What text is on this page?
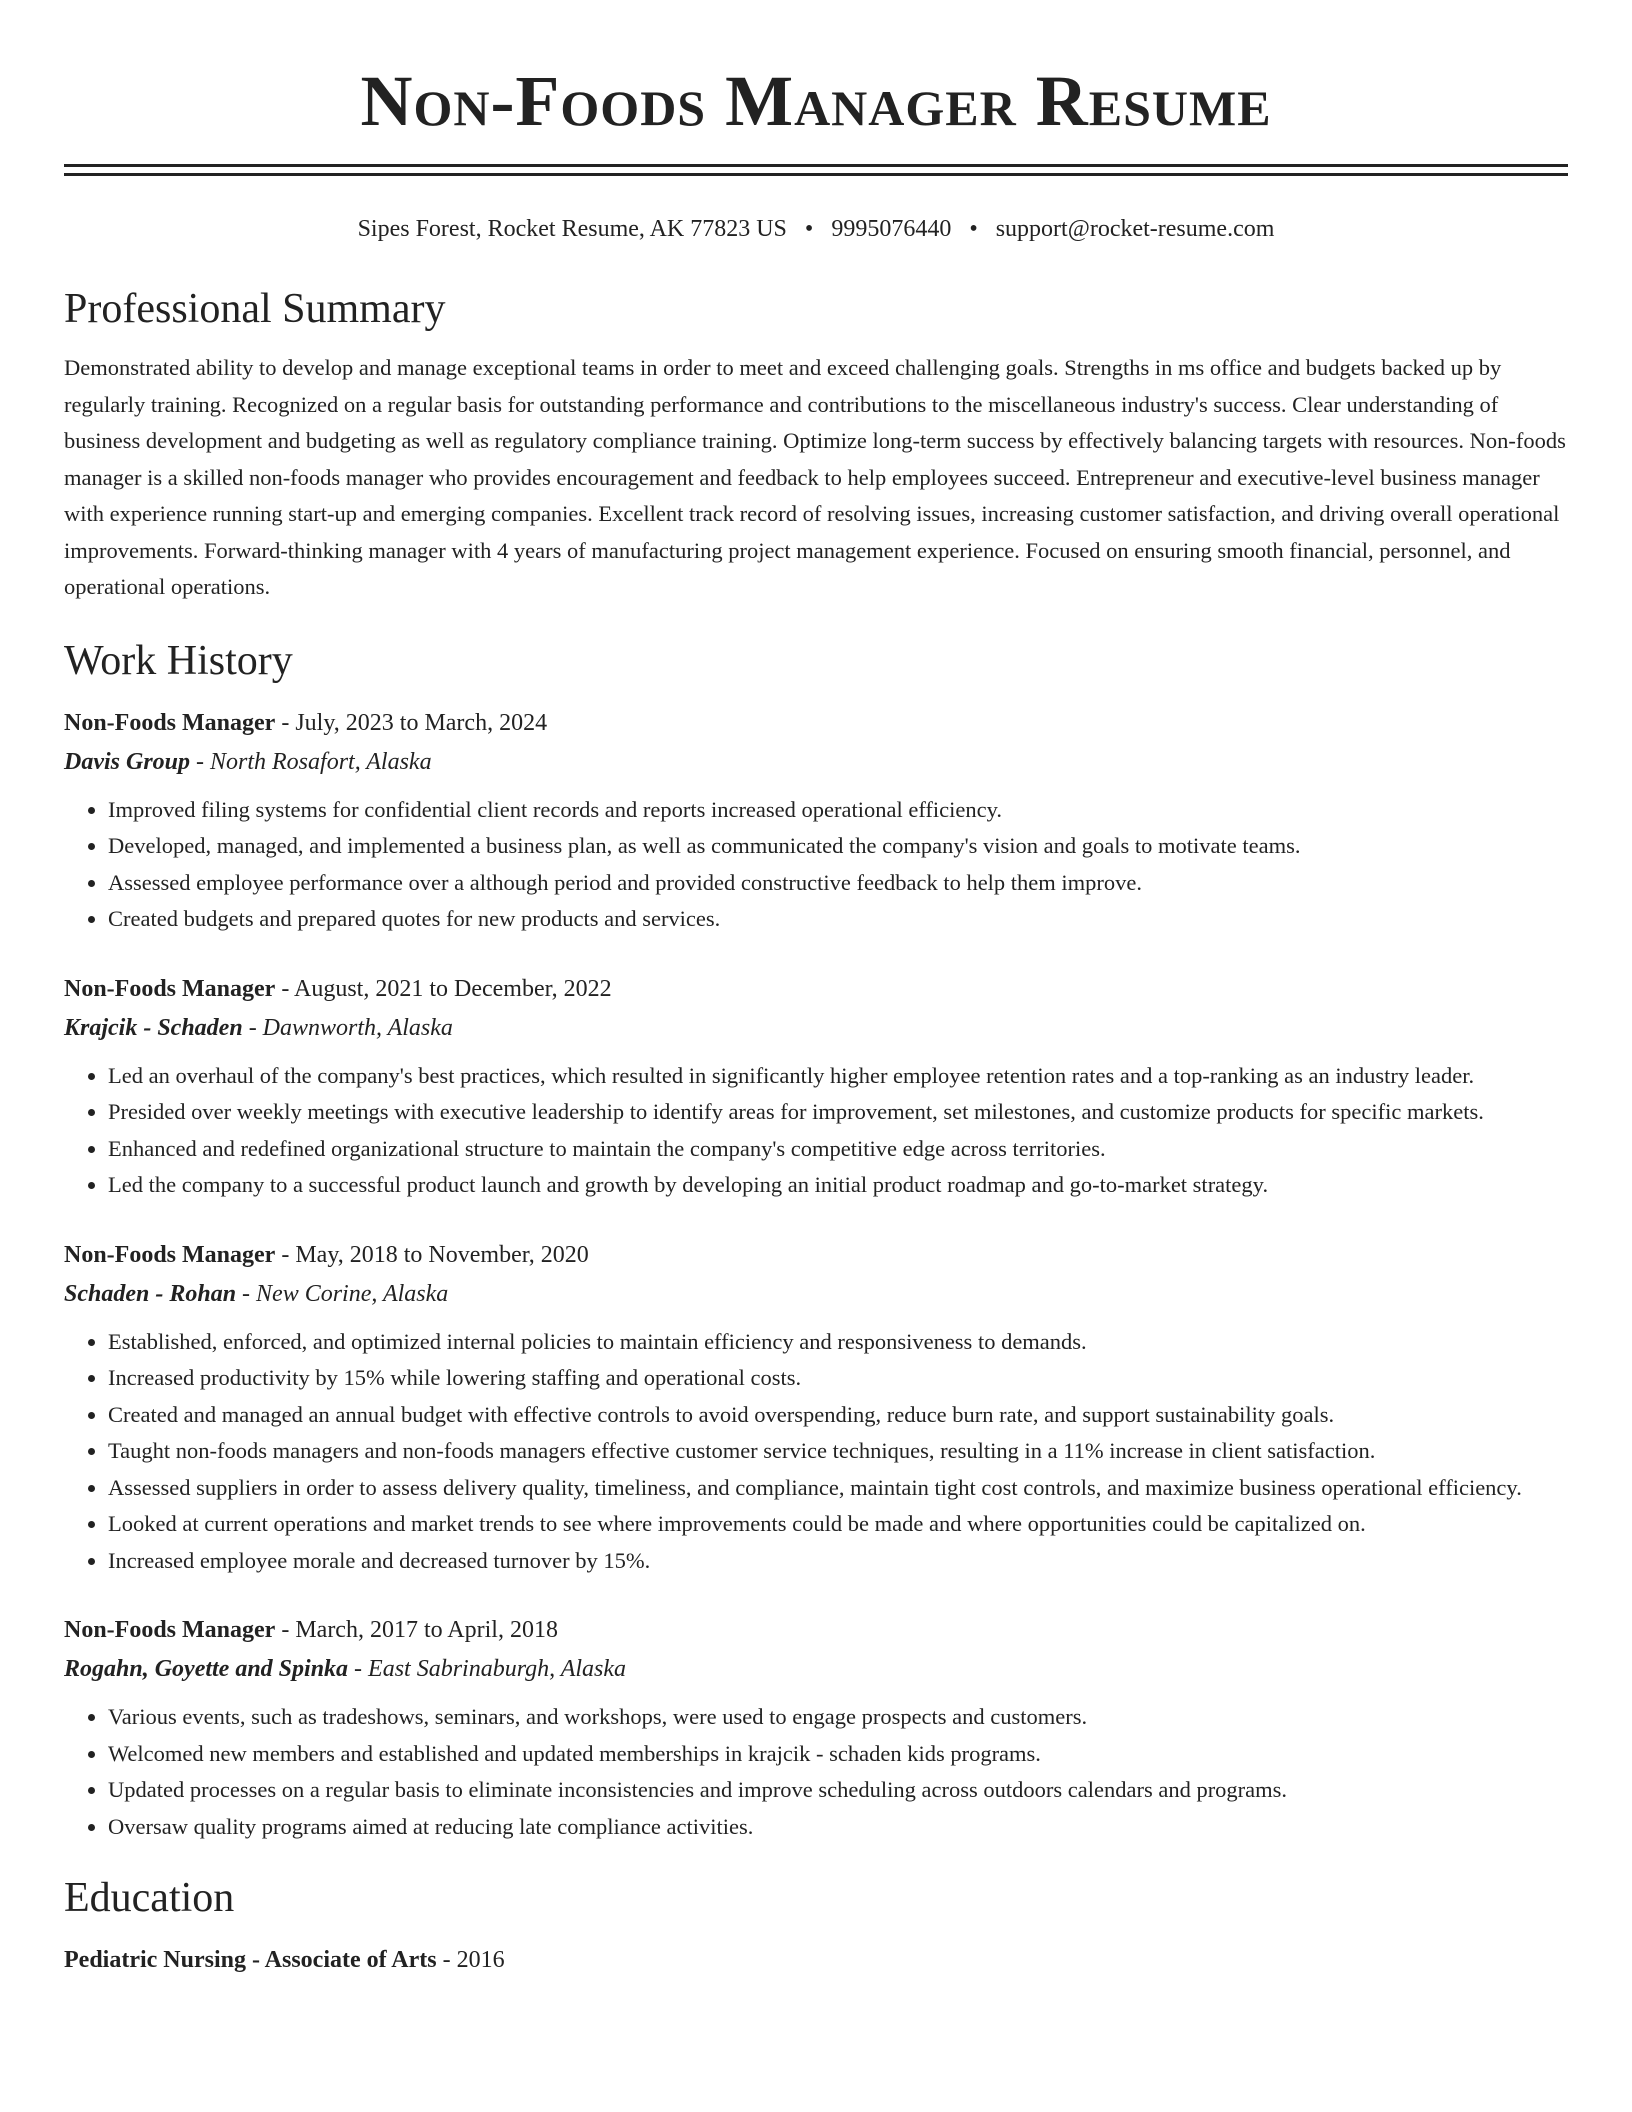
Non-Foods Manager Resume
Sipes Forest, Rocket Resume, AK 77823 US • 9995076440 • support@rocket-resume.com
Professional Summary

Demonstrated ability to develop and manage exceptional teams in order to meet and exceed challenging goals. Strengths in ms office and budgets backed up by regularly training. Recognized on a regular basis for outstanding performance and contributions to the miscellaneous industry's success. Clear understanding of business development and budgeting as well as regulatory compliance training. Optimize long-term success by effectively balancing targets with resources. Non-foods manager is a skilled non-foods manager who provides encouragement and feedback to help employees succeed. Entrepreneur and executive-level business manager with experience running start-up and emerging companies. Excellent track record of resolving issues, increasing customer satisfaction, and driving overall operational improvements. Forward-thinking manager with 4 years of manufacturing project management experience. Focused on ensuring smooth financial, personnel, and operational operations.

Work History
Non-Foods Manager - July, 2023 to March, 2024
Davis Group - North Rosafort, Alaska
• Improved filing systems for confidential client records and reports increased operational efficiency.
• Developed, managed, and implemented a business plan, as well as communicated the company's vision and goals to motivate teams.
• Assessed employee performance over a although period and provided constructive feedback to help them improve.
• Created budgets and prepared quotes for new products and services.
Non-Foods Manager - August, 2021 to December, 2022
Krajcik - Schaden - Dawnworth, Alaska
• Led an overhaul of the company's best practices, which resulted in significantly higher employee retention rates and a top-ranking as an industry leader.
• Presided over weekly meetings with executive leadership to identify areas for improvement, set milestones, and customize products for specific markets.
• Enhanced and redefined organizational structure to maintain the company's competitive edge across territories.
• Led the company to a successful product launch and growth by developing an initial product roadmap and go-to-market strategy.
Non-Foods Manager - May, 2018 to November, 2020
Schaden - Rohan - New Corine, Alaska
• Established, enforced, and optimized internal policies to maintain efficiency and responsiveness to demands.
• Increased productivity by 15% while lowering staffing and operational costs.
• Created and managed an annual budget with effective controls to avoid overspending, reduce burn rate, and support sustainability goals.
• Taught non-foods managers and non-foods managers effective customer service techniques, resulting in a 11% increase in client satisfaction.
• Assessed suppliers in order to assess delivery quality, timeliness, and compliance, maintain tight cost controls, and maximize business operational efficiency.
• Looked at current operations and market trends to see where improvements could be made and where opportunities could be capitalized on.
• Increased employee morale and decreased turnover by 15%.
Non-Foods Manager - March, 2017 to April, 2018
Rogahn, Goyette and Spinka - East Sabrinaburgh, Alaska
• Various events, such as tradeshows, seminars, and workshops, were used to engage prospects and customers.
• Welcomed new members and established and updated memberships in krajcik - schaden kids programs.
• Updated processes on a regular basis to eliminate inconsistencies and improve scheduling across outdoors calendars and programs.
• Oversaw quality programs aimed at reducing late compliance activities.
Education
Pediatric Nursing - Associate of Arts - 2016
